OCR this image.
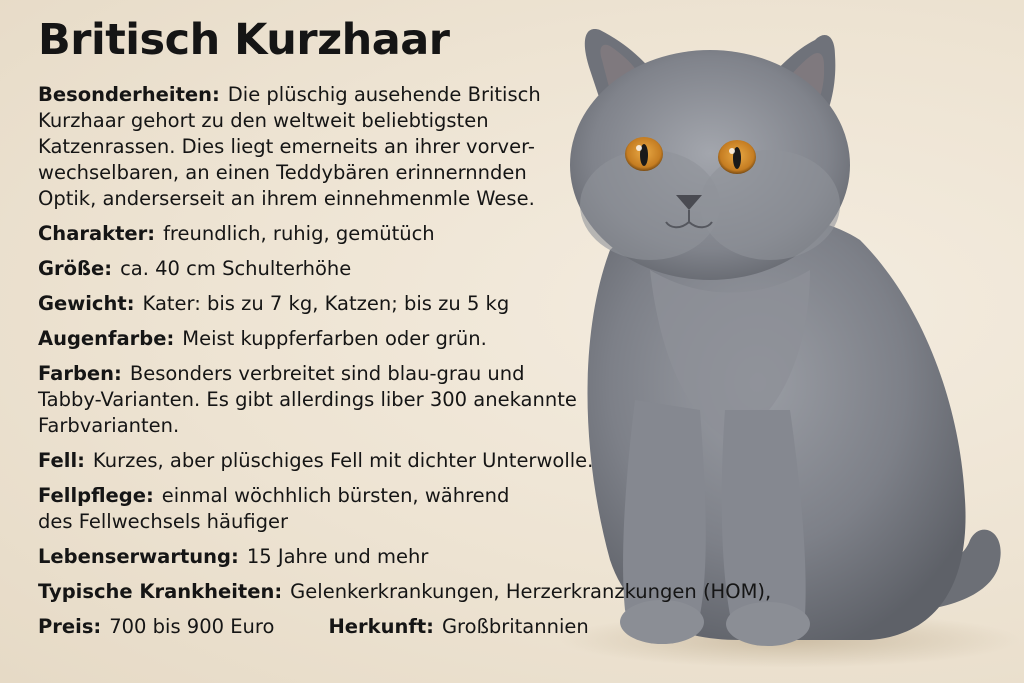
Britisch Kurzhaar
Besonderheiten: Die plüschig ausehende Britisch Kurzhaar gehort zu den weltweit beliebtigsten Katzenrassen. Dies liegt emerneits an ihrer vorver-wechselbaren, an einen Teddybären erinnernnden Optik, anderserseit an ihrem einnehmenmle Wese.
Charakter: freundlich, ruhig, gemütüch
Größe: ca. 40 cm Schulterhöhe
Gewicht: Kater: bis zu 7 kg, Katzen; bis zu 5 kg
Augenfarbe: Meist kuppferfarben oder grün.
Farben: Besonders verbreitet sind blau-grau und Tabby-Varianten. Es gibt allerdings liber 300 anekannte Farbvarianten.
Fell: Kurzes, aber plüschiges Fell mit dichter Unterwolle.
Fellpflege: einmal wöchhlich bürsten, während des Fellwechsels häufiger
Lebenserwartung: 15 Jahre und mehr
Typische Krankheiten: Gelenkerkrankungen, Herzerkranzkungen (HOM),
Preis: 700 bis 900 Euro	Herkunft: Großbritannien
